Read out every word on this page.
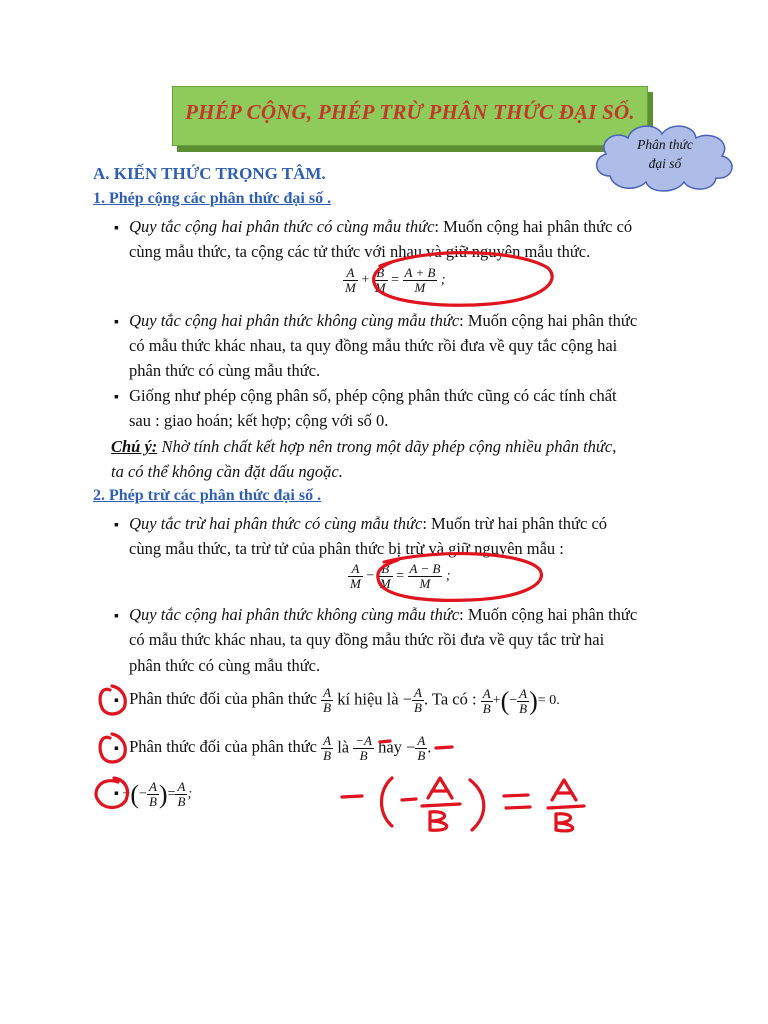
PHÉP CỘNG, PHÉP TRỪ PHÂN THỨC ĐẠI SỐ.
Phân thức
đại số
A. KIẾN THỨC TRỌNG TÂM.
1. Phép cộng các phân thức đại số .
▪ Quy tắc cộng hai phân thức có cùng mẫu thức: Muốn cộng hai phân thức có
cùng mẫu thức, ta cộng các tử thức với nhau và giữ nguyên mẫu thức.
$\frac{A}{M} + \frac{B}{M} = \frac{A + B}{M}$ ;
▪ Quy tắc cộng hai phân thức không cùng mẫu thức: Muốn cộng hai phân thức
có mẫu thức khác nhau, ta quy đồng mẫu thức rồi đưa về quy tắc cộng hai
phân thức có cùng mẫu thức.
▪ Giống như phép cộng phân số, phép cộng phân thức cũng có các tính chất
sau : giao hoán; kết hợp; cộng với số 0.
Chú ý: Nhờ tính chất kết hợp nên trong một dãy phép cộng nhiều phân thức,
ta có thể không cần đặt dấu ngoặc.
2. Phép trừ các phân thức đại số .
▪ Quy tắc trừ hai phân thức có cùng mẫu thức: Muốn trừ hai phân thức có
cùng mẫu thức, ta trừ tử của phân thức bị trừ và giữ nguyên mẫu :
$\frac{A}{M} - \frac{B}{M} = \frac{A - B}{M}$ ;
▪ Quy tắc cộng hai phân thức không cùng mẫu thức: Muốn cộng hai phân thức
có mẫu thức khác nhau, ta quy đồng mẫu thức rồi đưa về quy tắc trừ hai
phân thức có cùng mẫu thức.
▪ Phân thức đối của phân thức $\frac{A}{B}$ kí hiệu là − $\frac{A}{B}$ . Ta có : $\frac{A}{B}$ +(− $\frac{A}{B}$ )= 0.
▪ Phân thức đối của phân thức $\frac{A}{B}$ là $\frac{-A}{B}$ hay − $\frac{A}{B}$ .
▪ −(− $\frac{A}{B}$ )= $\frac{A}{B}$ ;
